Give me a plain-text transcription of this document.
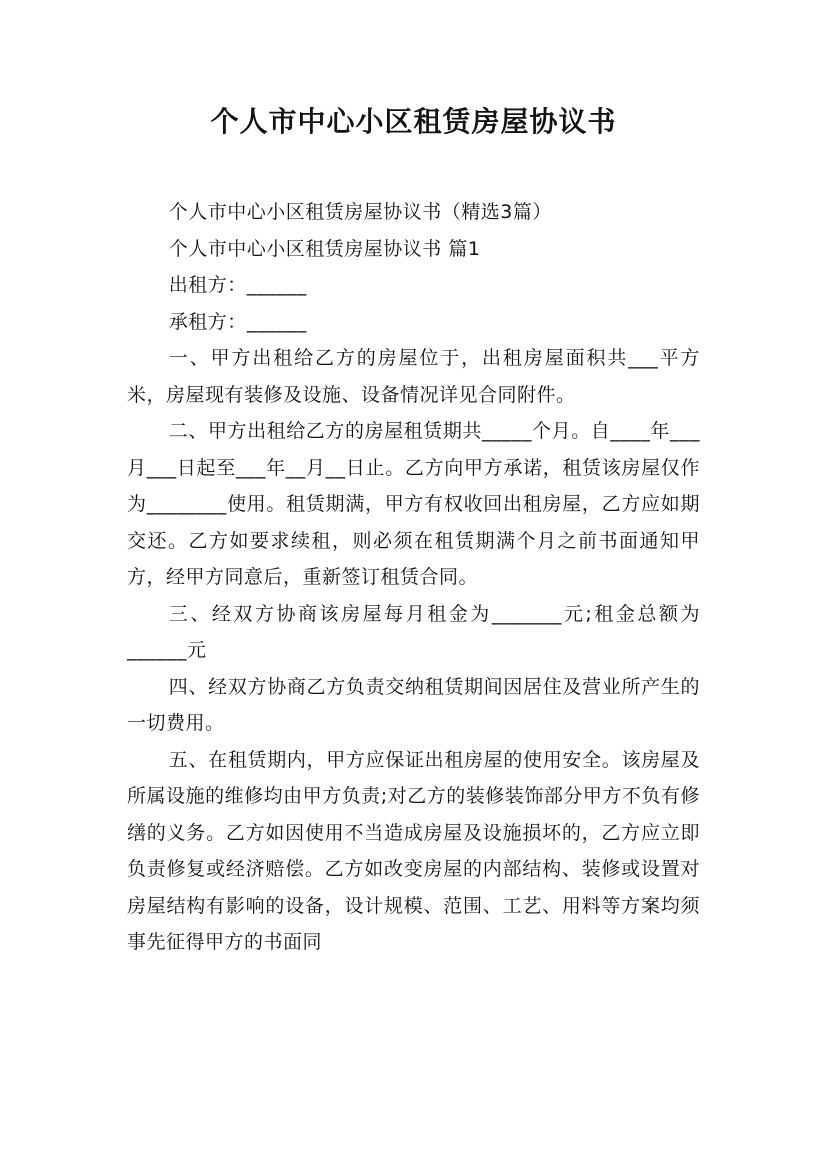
个人市中心小区租赁房屋协议书

个人市中心小区租赁房屋协议书（精选3篇）

个人市中心小区租赁房屋协议书 篇1

出租方：______

承租方：______

一、甲方出租给乙方的房屋位于，出租房屋面积共___平方米，房屋现有装修及设施、设备情况详见合同附件。

二、甲方出租给乙方的房屋租赁期共_____个月。自____年___月___日起至___年__月__日止。乙方向甲方承诺，租赁该房屋仅作为________使用。租赁期满，甲方有权收回出租房屋，乙方应如期交还。乙方如要求续租，则必须在租赁期满个月之前书面通知甲方，经甲方同意后，重新签订租赁合同。

三、经双方协商该房屋每月租金为_______元;租金总额为______元

四、经双方协商乙方负责交纳租赁期间因居住及营业所产生的一切费用。

五、在租赁期内，甲方应保证出租房屋的使用安全。该房屋及所属设施的维修均由甲方负责;对乙方的装修装饰部分甲方不负有修缮的义务。乙方如因使用不当造成房屋及设施损坏的，乙方应立即负责修复或经济赔偿。乙方如改变房屋的内部结构、装修或设置对房屋结构有影响的设备，设计规模、范围、工艺、用料等方案均须事先征得甲方的书面同
